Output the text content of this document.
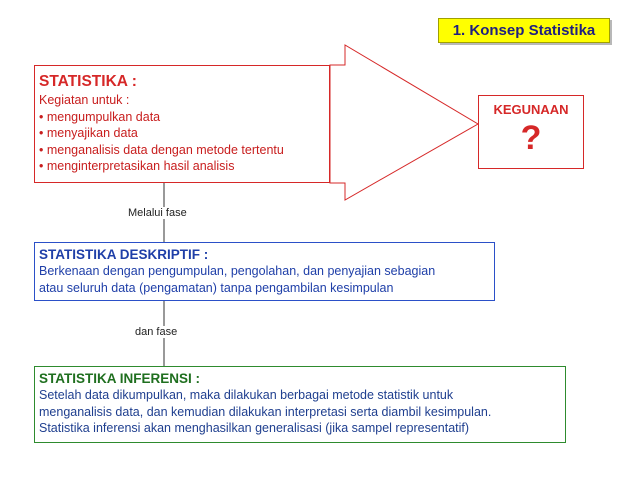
1. Konsep Statistika
STATISTIKA :
Kegiatan untuk :
• mengumpulkan data
• menyajikan data
• menganalisis data dengan metode tertentu
• menginterpretasikan hasil analisis
KEGUNAAN
?
Melalui fase
STATISTIKA DESKRIPTIF :
Berkenaan dengan pengumpulan, pengolahan, dan penyajian sebagian
atau seluruh data (pengamatan) tanpa pengambilan kesimpulan
dan fase
STATISTIKA INFERENSI :
Setelah data dikumpulkan, maka dilakukan berbagai metode statistik untuk
menganalisis data, dan kemudian dilakukan interpretasi serta diambil kesimpulan.
Statistika inferensi akan menghasilkan generalisasi (jika sampel representatif)
